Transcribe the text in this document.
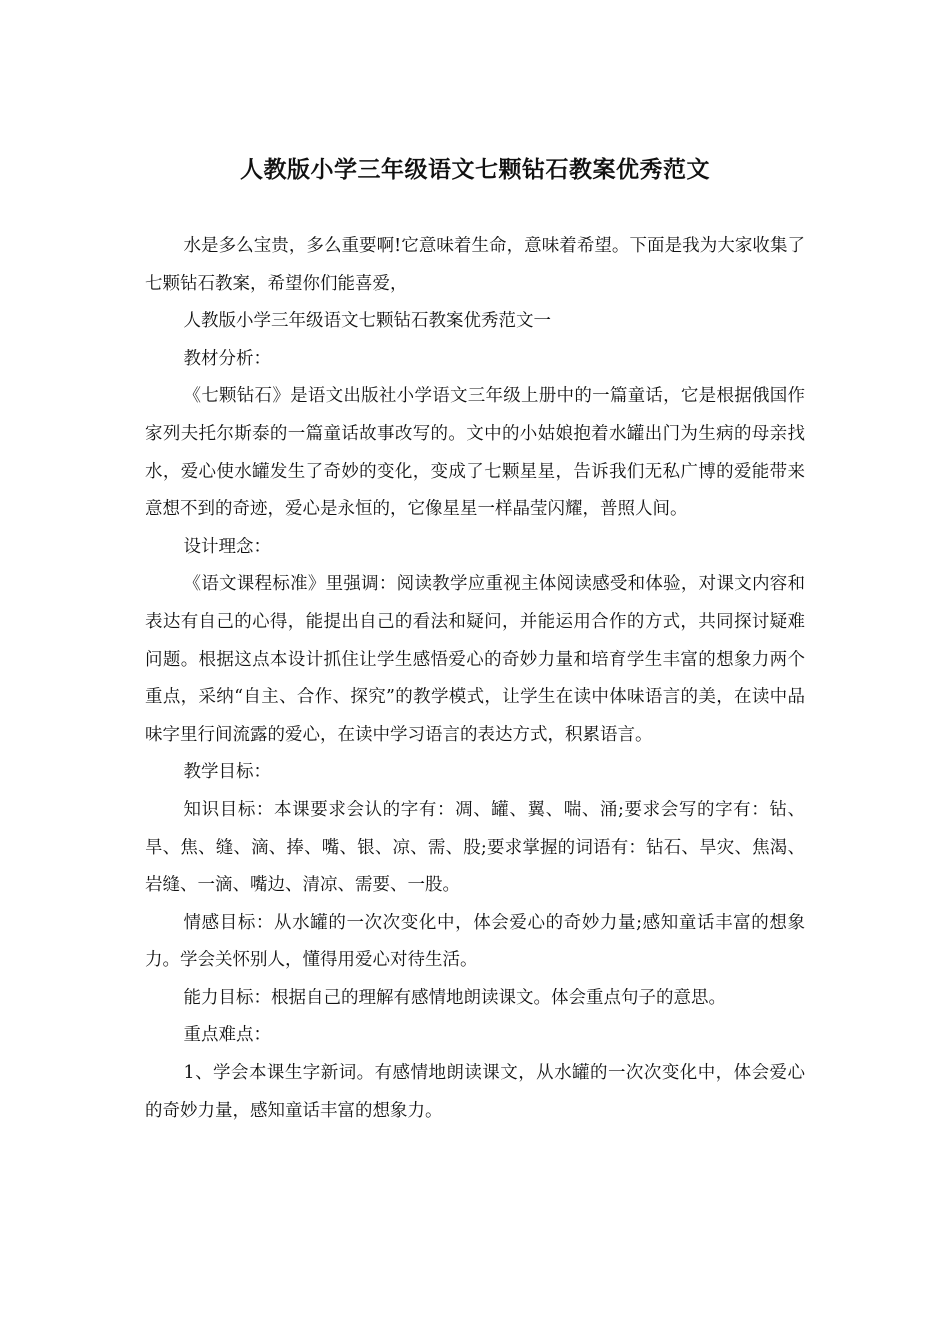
人教版小学三年级语文七颗钻石教案优秀范文

水是多么宝贵，多么重要啊!它意味着生命，意味着希望。下面是我为大家收集了七颗钻石教案，希望你们能喜爱，

人教版小学三年级语文七颗钻石教案优秀范文一

教材分析：

《七颗钻石》是语文出版社小学语文三年级上册中的一篇童话，它是根据俄国作家列夫托尔斯泰的一篇童话故事改写的。文中的小姑娘抱着水罐出门为生病的母亲找水，爱心使水罐发生了奇妙的变化，变成了七颗星星，告诉我们无私广博的爱能带来意想不到的奇迹，爱心是永恒的，它像星星一样晶莹闪耀，普照人间。

设计理念：

《语文课程标准》里强调：阅读教学应重视主体阅读感受和体验，对课文内容和表达有自己的心得，能提出自己的看法和疑问，并能运用合作的方式，共同探讨疑难问题。根据这点本设计抓住让学生感悟爱心的奇妙力量和培育学生丰富的想象力两个重点，采纳“自主、合作、探究”的教学模式，让学生在读中体味语言的美，在读中品味字里行间流露的爱心，在读中学习语言的表达方式，积累语言。

教学目标：

知识目标：本课要求会认的字有：凋、罐、翼、喘、涌;要求会写的字有：钻、旱、焦、缝、滴、捧、嘴、银、凉、需、股;要求掌握的词语有：钻石、旱灾、焦渴、岩缝、一滴、嘴边、清凉、需要、一股。

情感目标：从水罐的一次次变化中，体会爱心的奇妙力量;感知童话丰富的想象力。学会关怀别人，懂得用爱心对待生活。

能力目标：根据自己的理解有感情地朗读课文。体会重点句子的意思。

重点难点：

1、学会本课生字新词。有感情地朗读课文，从水罐的一次次变化中，体会爱心的奇妙力量，感知童话丰富的想象力。
